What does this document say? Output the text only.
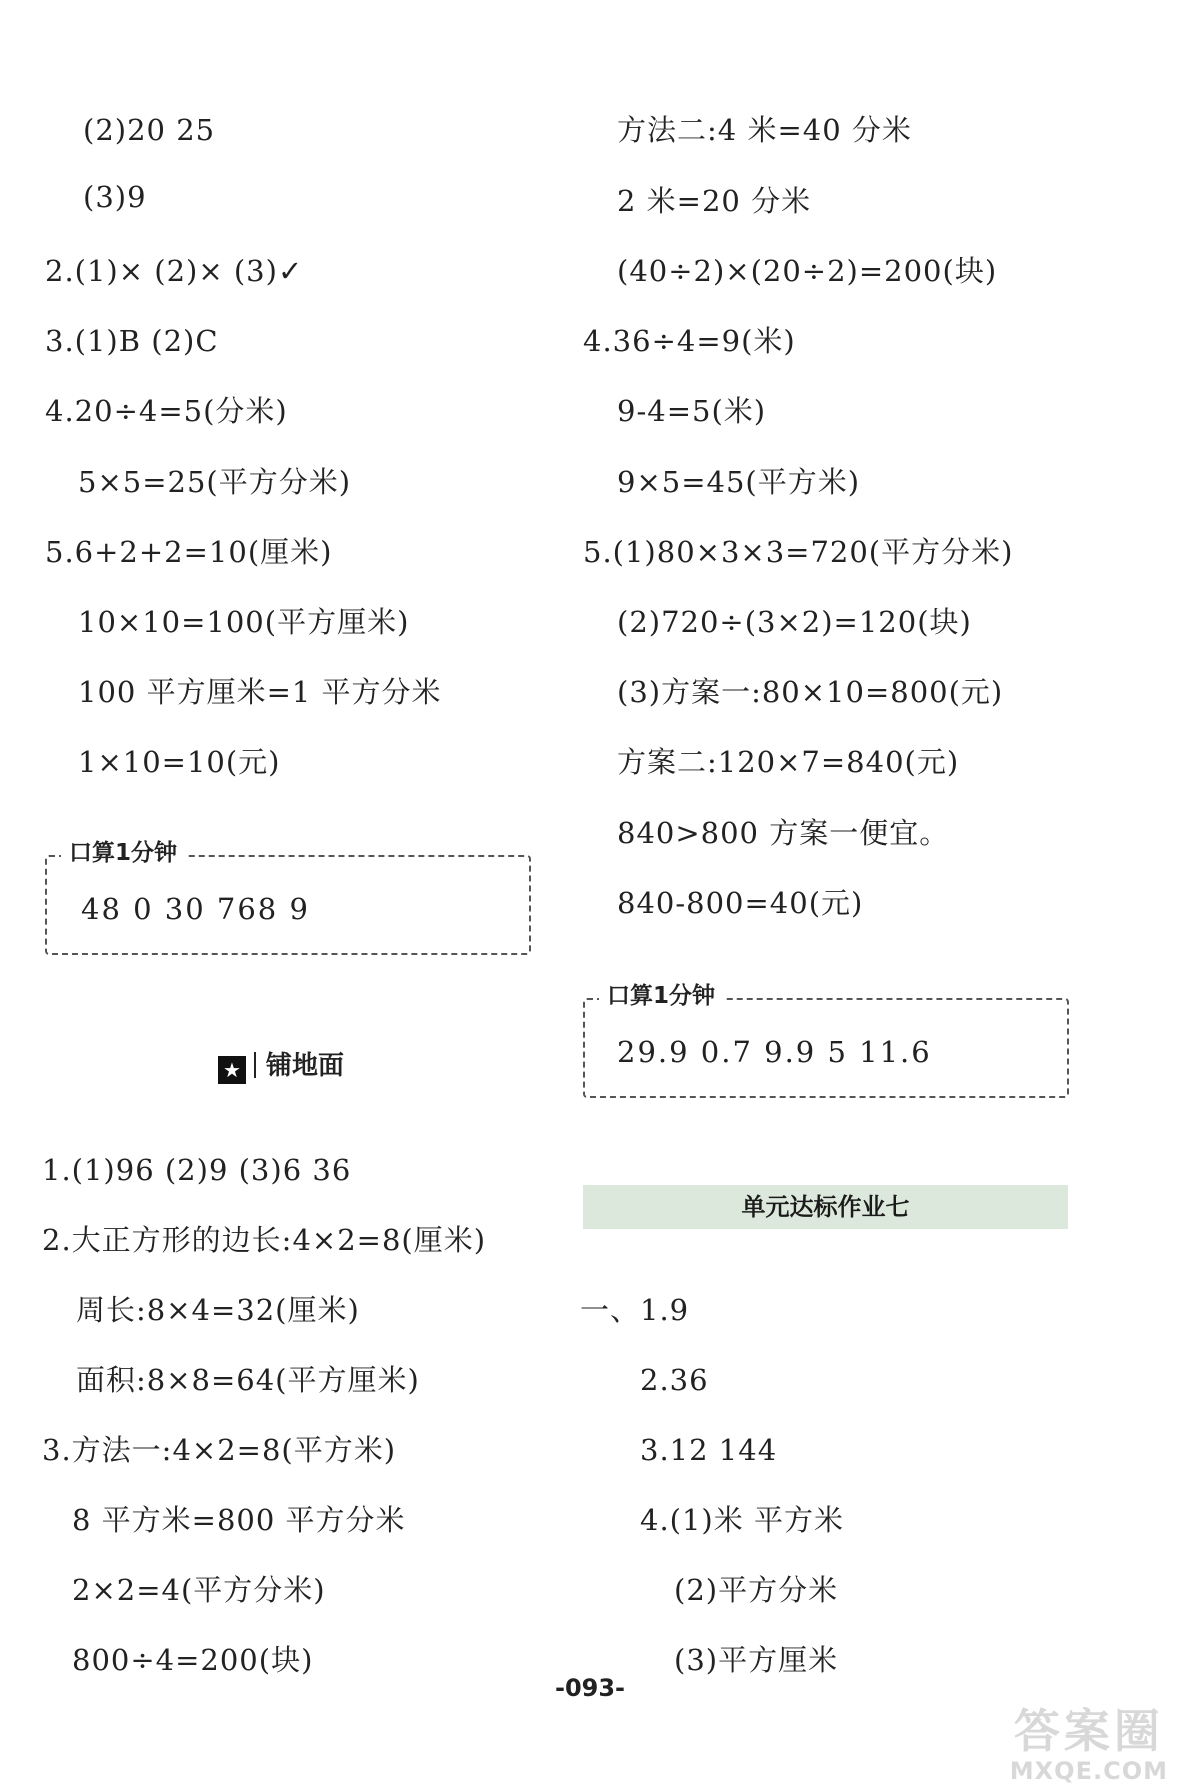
(2)20 25
(3)9
2.(1)× (2)× (3)✓
3.(1)B (2)C
4.20÷4=5(分米)
5×5=25(平方分米)
5.6+2+2=10(厘米)
10×10=100(平方厘米)
100 平方厘米=1 平方分米
1×10=10(元)
口算1分钟
48 0 30 768 9
★ 铺地面
1.(1)96 (2)9 (3)6 36
2.大正方形的边长:4×2=8(厘米)
周长:8×4=32(厘米)
面积:8×8=64(平方厘米)
3.方法一:4×2=8(平方米)
8 平方米=800 平方分米
2×2=4(平方分米)
800÷4=200(块)
方法二:4 米=40 分米
2 米=20 分米
(40÷2)×(20÷2)=200(块)
4.36÷4=9(米)
9-4=5(米)
9×5=45(平方米)
5.(1)80×3×3=720(平方分米)
(2)720÷(3×2)=120(块)
(3)方案一:80×10=800(元)
方案二:120×7=840(元)
840>800 方案一便宜。
840-800=40(元)
口算1分钟
29.9 0.7 9.9 5 11.6
单元达标作业七
一、1.9
2.36
3.12 144
4.(1)米 平方米
(2)平方分米
(3)平方厘米
-093-
答案圈
MXQE.COM
